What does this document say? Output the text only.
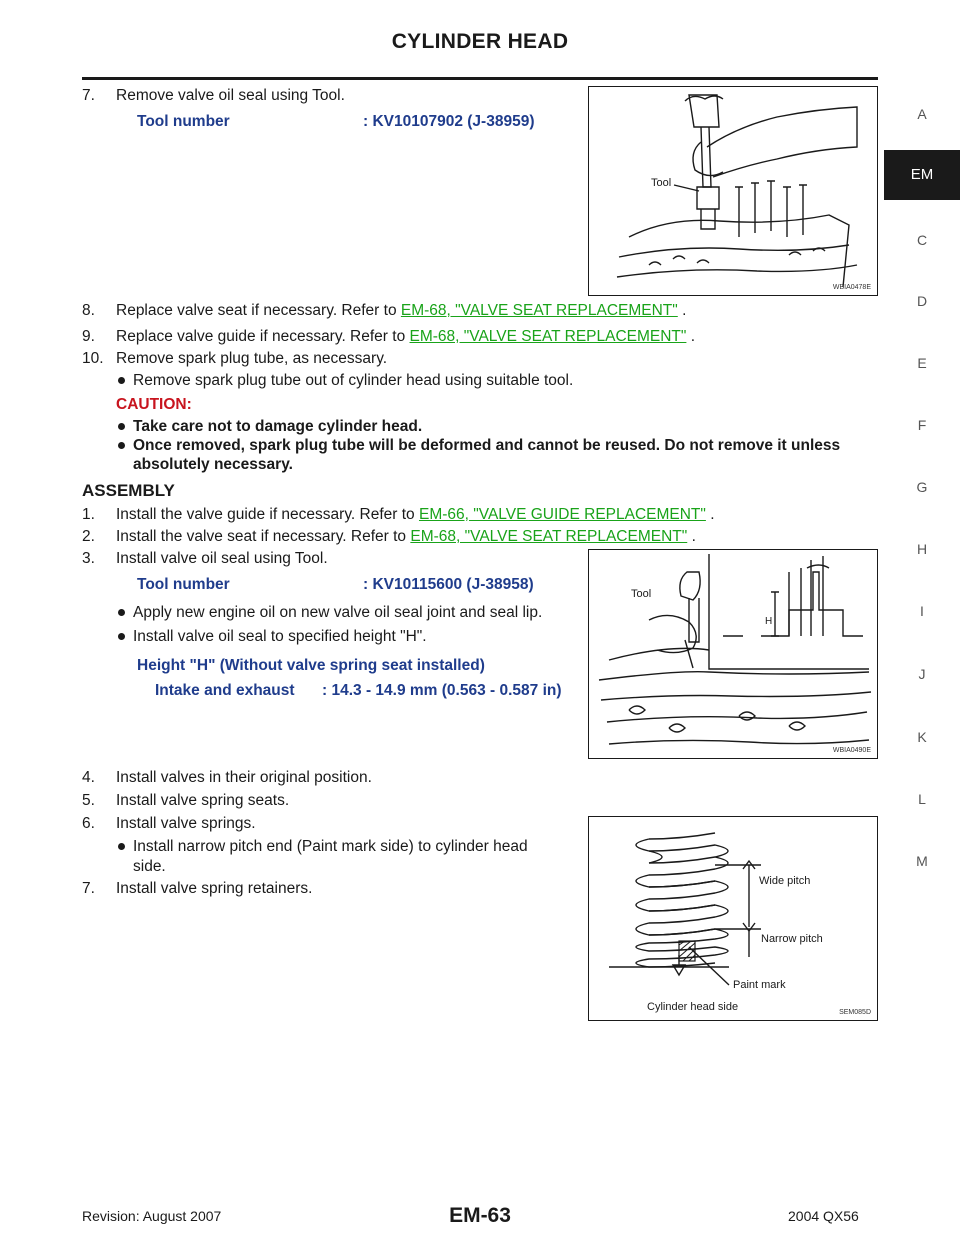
CYLINDER HEAD
A
EM
C
D
E
F
G
H
I
J
K
L
M
7. Remove valve oil seal using Tool.
Tool number	: KV10107902 (J-38959)
Tool
WBIA0478E
8. Replace valve seat if necessary. Refer to EM-68, "VALVE SEAT REPLACEMENT" .
9. Replace valve guide if necessary. Refer to EM-68, "VALVE SEAT REPLACEMENT" .
10. Remove spark plug tube, as necessary.
Remove spark plug tube out of cylinder head using suitable tool.
CAUTION:
Take care not to damage cylinder head.
Once removed, spark plug tube will be deformed and cannot be reused. Do not remove it unless
absolutely necessary.
ASSEMBLY
1. Install the valve guide if necessary. Refer to EM-66, "VALVE GUIDE REPLACEMENT" .
2. Install the valve seat if necessary. Refer to EM-68, "VALVE SEAT REPLACEMENT" .
3. Install valve oil seal using Tool.
Tool number	: KV10115600 (J-38958)
Apply new engine oil on new valve oil seal joint and seal lip.
Install valve oil seal to specified height "H".
Height "H" (Without valve spring seat installed)
Intake and exhaust : 14.3 - 14.9 mm (0.563 - 0.587 in)
Tool
H
WBIA0490E
4. Install valves in their original position.
5. Install valve spring seats.
6. Install valve springs.
Install narrow pitch end (Paint mark side) to cylinder head
side.
7. Install valve spring retainers.	Wide pitch
Narrow pitch
Paint mark
Cylinder head side	SEM085D
Revision: August 2007	EM-63	2004 QX56
